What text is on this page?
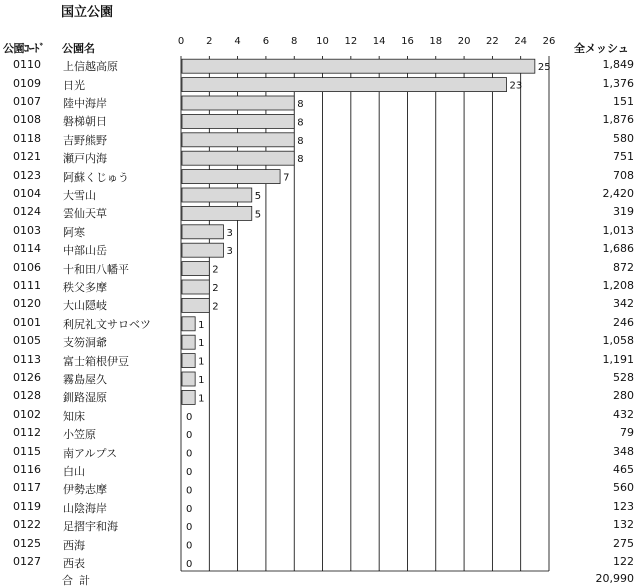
国立公園
公園ｺｰﾄﾞ 公園名	全メッシュ
0 2 4 6 8 10 12 14 16 18 20 22 24 26
25
23
8
8
8
8
7
5
5
3
3
2
2
2
1
1
1
1
1
0
0
0
0
0
0
0
0
0
0110 上信越高原	1,849
0109 日光	1,376
0107 陸中海岸	151
0108 磐梯朝日	1,876
0118 吉野熊野	580
0121 瀬戸内海	751
0123 阿蘇くじゅう	708
0104 大雪山	2,420
0124 雲仙天草	319
0103 阿寒	1,013
0114 中部山岳	1,686
0106 十和田八幡平	872
0111 秩父多摩	1,208
0120 大山隠岐	342
0101 利尻礼文サロベツ	246
0105 支笏洞爺	1,058
0113 富士箱根伊豆	1,191
0126 霧島屋久	528
0128 釧路湿原	280
0102 知床	432
0112 小笠原	79
0115 南アルプス	348
0116 白山	465
0117 伊勢志摩	560
0119 山陰海岸	123
0122 足摺宇和海	132
0125 西海	275
0127 西表	122
合計	20,990
